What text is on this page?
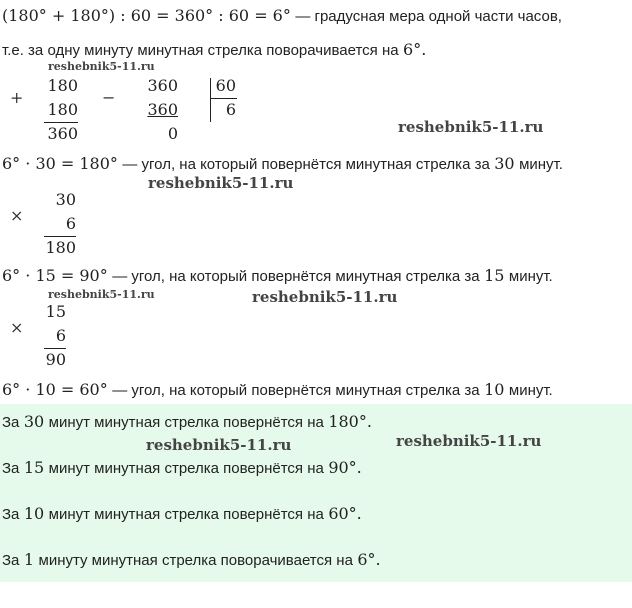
(180° + 180°) : 60 = 360° : 60 = 6° — градусная мера одной части часов,
т.е. за одну минуту минутная стрелка поворачивается на 6°.
reshebnik5-11.ru
+
180
180
360
−
360
360
0
60
6
reshebnik5-11.ru
6° · 30 = 180° — угол, на который повернётся минутная стрелка за 30 минут.
reshebnik5-11.ru
×
30
6
180
6° · 15 = 90° — угол, на который повернётся минутная стрелка за 15 минут.
reshebnik5-11.ru	reshebnik5-11.ru
×
15
6
90
6° · 10 = 60° — угол, на который повернётся минутная стрелка за 10 минут.
За 30 минут минутная стрелка повернётся на 180°.
reshebnik5-11.ru	reshebnik5-11.ru
За 15 минут минутная стрелка повернётся на 90°.
За 10 минут минутная стрелка повернётся на 60°.
За 1 минуту минутная стрелка поворачивается на 6°.
